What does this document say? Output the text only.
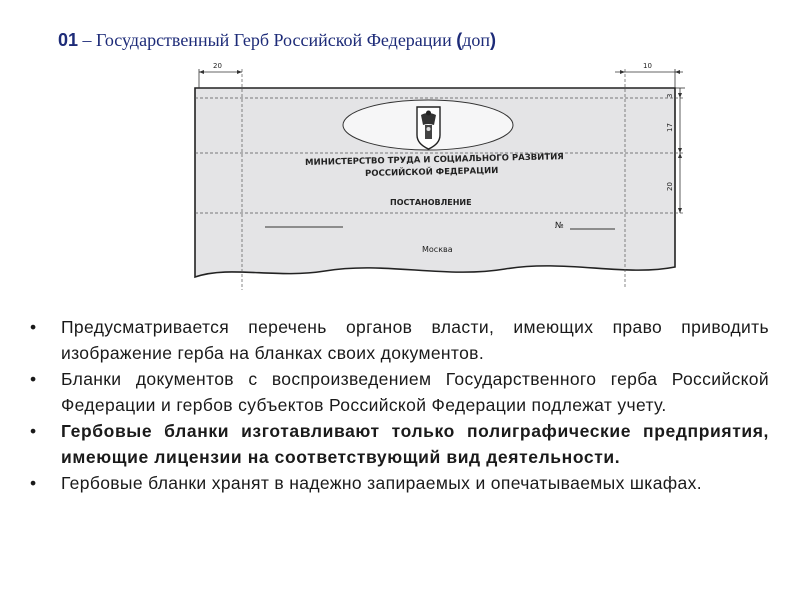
01 – Государственный Герб Российской Федерации (доп)
МИНИСТЕРСТВО ТРУДА И СОЦИАЛЬНОГО РАЗВИТИЯ
РОССИЙСКОЙ ФЕДЕРАЦИИ
ПОСТАНОВЛЕНИЕ
№
Москва
20	10
3
17
20
• Предусматривается перечень органов власти, имеющих право приводить изображение герба на бланках своих документов.
• Бланки документов с воспроизведением Государственного герба Российской Федерации и гербов субъектов Российской Федерации подлежат учету.
• Гербовые бланки изготавливают только полиграфические предприятия, имеющие лицензии на соответствующий вид деятельности.
• Гербовые бланки хранят в надежно запираемых и опечатываемых шкафах.
